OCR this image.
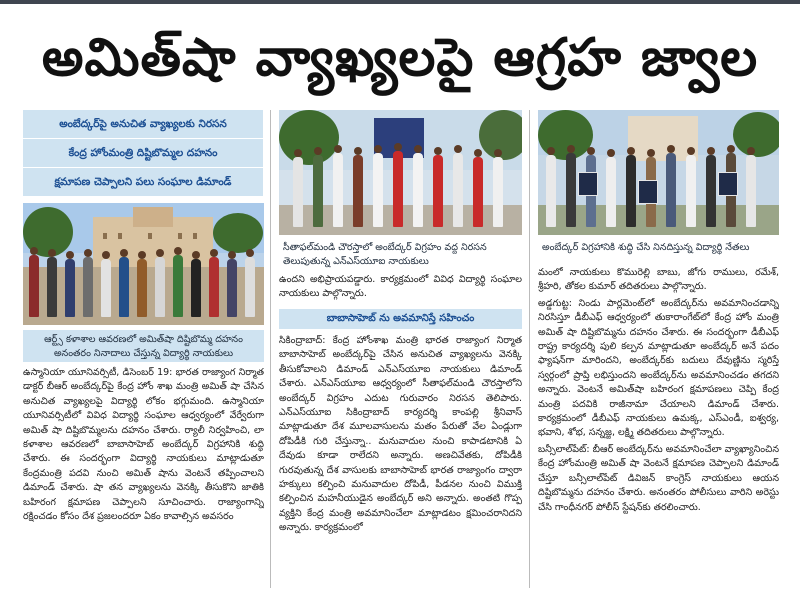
అమిత్‌షా వ్యాఖ్యలపై ఆగ్రహ జ్వాల
అంబేద్కర్‌పై అనుచిత వ్యాఖ్యలకు నిరసన
కేంద్ర హోంమంత్రి దిష్టిబొమ్మల దహనం
క్షమాపణ చెప్పాలని పలు సంఘాల డిమాండ్
ఆర్ట్స్‌ కళాశాల ఆవరణలో అమిత్‌షా దిష్టిబొమ్మ దహనం అనంతరం నినాదాలు చేస్తున్న విద్యార్థి నాయకులు
సీతాఫల్‌మండి చౌరస్తాలో అంబేద్కర్‌ విగ్రహం వద్ద నిరసన తెలుపుతున్న ఎన్‌ఎస్‌యూఐ నాయకులు
అంబేద్కర్‌ విగ్రహానికి శుద్ధి చేసి నినదిస్తున్న విద్యార్థి నేతలు

ఉస్మానియా యూనివర్సిటీ, డిసెంబర్‌ 19: భారత రాజ్యాంగ నిర్మాత డాక్టర్‌ బీఆర్‌ అంబేద్కర్‌పై కేంద్ర హోం శాఖ మంత్రి అమిత్‌ షా చేసిన అనుచిత వ్యాఖ్యలపై విద్యార్థి లోకం భగ్గుమంది. ఉస్మానియా యూనివర్సిటీలో వివిధ విద్యార్థి సంఘాల ఆధ్వర్యంలో వేర్వేరుగా అమిత్‌ షా దిష్టిబొమ్మలను దహనం చేశారు. ర్యాలీ నిర్వహించి, లా కళాశాల ఆవరణలో బాబాసాహెబ్‌ అంబేద్కర్‌ విగ్రహానికి శుద్ధి చేశారు. ఈ సందర్భంగా విద్యార్థి నాయకులు మాట్లాడుతూ కేంద్రమంత్రి పదవి నుంచి అమిత్‌ షాను వెంటనే తప్పించాలని డిమాండ్‌ చేశారు. షా తన వ్యాఖ్యలను వెనక్కి తీసుకొని జాతికి బహిరంగ క్షమాపణ చెప్పాలని సూచించారు. రాజ్యాంగాన్ని రక్షించడం కోసం దేశ ప్రజలందరూ ఏకం కావాల్సిన అవసరం

ఉందని అభిప్రాయపడ్డారు. కార్యక్రమంలో వివిధ విద్యార్థి సంఘాల నాయకులు పాల్గొన్నారు.

బాబాసాహెబ్‌ ను అవమానిస్తే సహించం

సికింద్రాబాద్‌: కేంద్ర హోంశాఖ మంత్రి భారత రాజ్యాంగ నిర్మాత బాబాసాహెబ్‌ అంబేద్కర్‌పై చేసిన అనుచిత వ్యాఖ్యలను వెనక్కి తీసుకోవాలని డిమాండ్‌ ఎన్‌ఎస్‌యూఐ నాయకులు డిమాండ్‌ చేశారు. ఎన్‌ఎస్‌యూఐ ఆధ్వర్యంలో సీతాఫల్‌మండి చౌరస్తాలోని అంబేద్కర్‌ విగ్రహం ఎదుట గురువారం నిరసన తెలిపారు. ఎన్‌ఎస్‌యూఐ సికింద్రాబాద్‌ కార్యదర్శి కాంపల్లి శ్రీనివాస్‌ మాట్లాడుతూ దేశ మూలవాసులను మతం పేరుతో వేల ఏండ్లుగా దోపిడీకి గురి చేస్తున్నా.. మనువాదుల నుంచి కాపాడటానికి ఏ దేవుడు కూడా రాలేదని అన్నారు. అణచివేతకు, దోపిడీకి గురవుతున్న దేశ వాసులకు బాబాసాహెబ్‌ భారత రాజ్యాంగం ద్వారా హక్కులు కల్పించి మనువాదుల దోపిడీ, పీడనల నుంచి విముక్తి కల్పించిన మహనీయుడైన అంబేద్కర్‌ అని అన్నారు. అంతటి గొప్ప వ్యక్తిని కేంద్ర మంత్రి అవమానించేలా మాట్లాడటం క్షమించరానిదని అన్నారు. కార్యక్రమంలో

మంలో నాయకులు కొమురెల్లి బాబు, జోగు రాములు, రమేశ్‌, శ్రీహరి, తోకల కుమార్‌ తదితరులు పాల్గొన్నారు.

అడ్డగుట్ట: నిండు పార్లమెంట్‌లో అంబేద్కర్‌ను అవమానించడాన్ని నిరసిస్తూ డీబీఎఫ్‌ ఆధ్వర్యంలో తుకారాంగేట్‌లో కేంద్ర హోం మంత్రి అమిత్‌ షా దిష్టిబొమ్మను దహనం చేశారు. ఈ సందర్భంగా డీబీఎఫ్‌ రాష్ట్ర కార్యదర్శి పులి కల్పన మాట్లాడుతూ అంబేద్కర్‌ అనే పదం ఫ్యాషన్‌గా మారిందని, అంబేద్కర్‌కు బదులు దేవుణ్ణిను స్మరిస్తే స్వర్గంలో ప్రాప్తి లభిస్తుందని అంబేద్కర్‌ను అవమానించడం తగదని అన్నారు. వెంటనే అమిత్‌షా బహిరంగ క్షమాపణలు చెప్పి కేంద్ర మంత్రి పదవికి రాజీనామా చేయాలని డిమాండ్‌ చేశారు. కార్యక్రమంలో డీబీఎఫ్‌ నాయకులు ఉమక్క, ఎస్‌ఎండీ, ఐశ్వర్య, భవాని, శోభ, సన్నజ్జ, లక్ష్మి తదితరులు పాల్గొన్నారు.

బన్సీలాల్‌పేట్‌: బీఆర్‌ అంబేద్కర్‌ను అవమానించేలా వ్యాఖ్యానించిన కేంద్ర హోంమంత్రి అమిత్‌ షా వెంటనే క్షమాపణ చెప్పాలని డిమాండ్‌ చేస్తూ బన్సీలాల్‌పేట్‌ డివిజన్‌ కాంగ్రెస్‌ నాయకులు ఆయన దిష్టిబొమ్మను దహనం చేశారు. అనంతరం పోలీసులు వారిని అరెస్టు చేసి గాంధీనగర్‌ పోలీస్‌ స్టేషన్‌కు తరలించారు.
